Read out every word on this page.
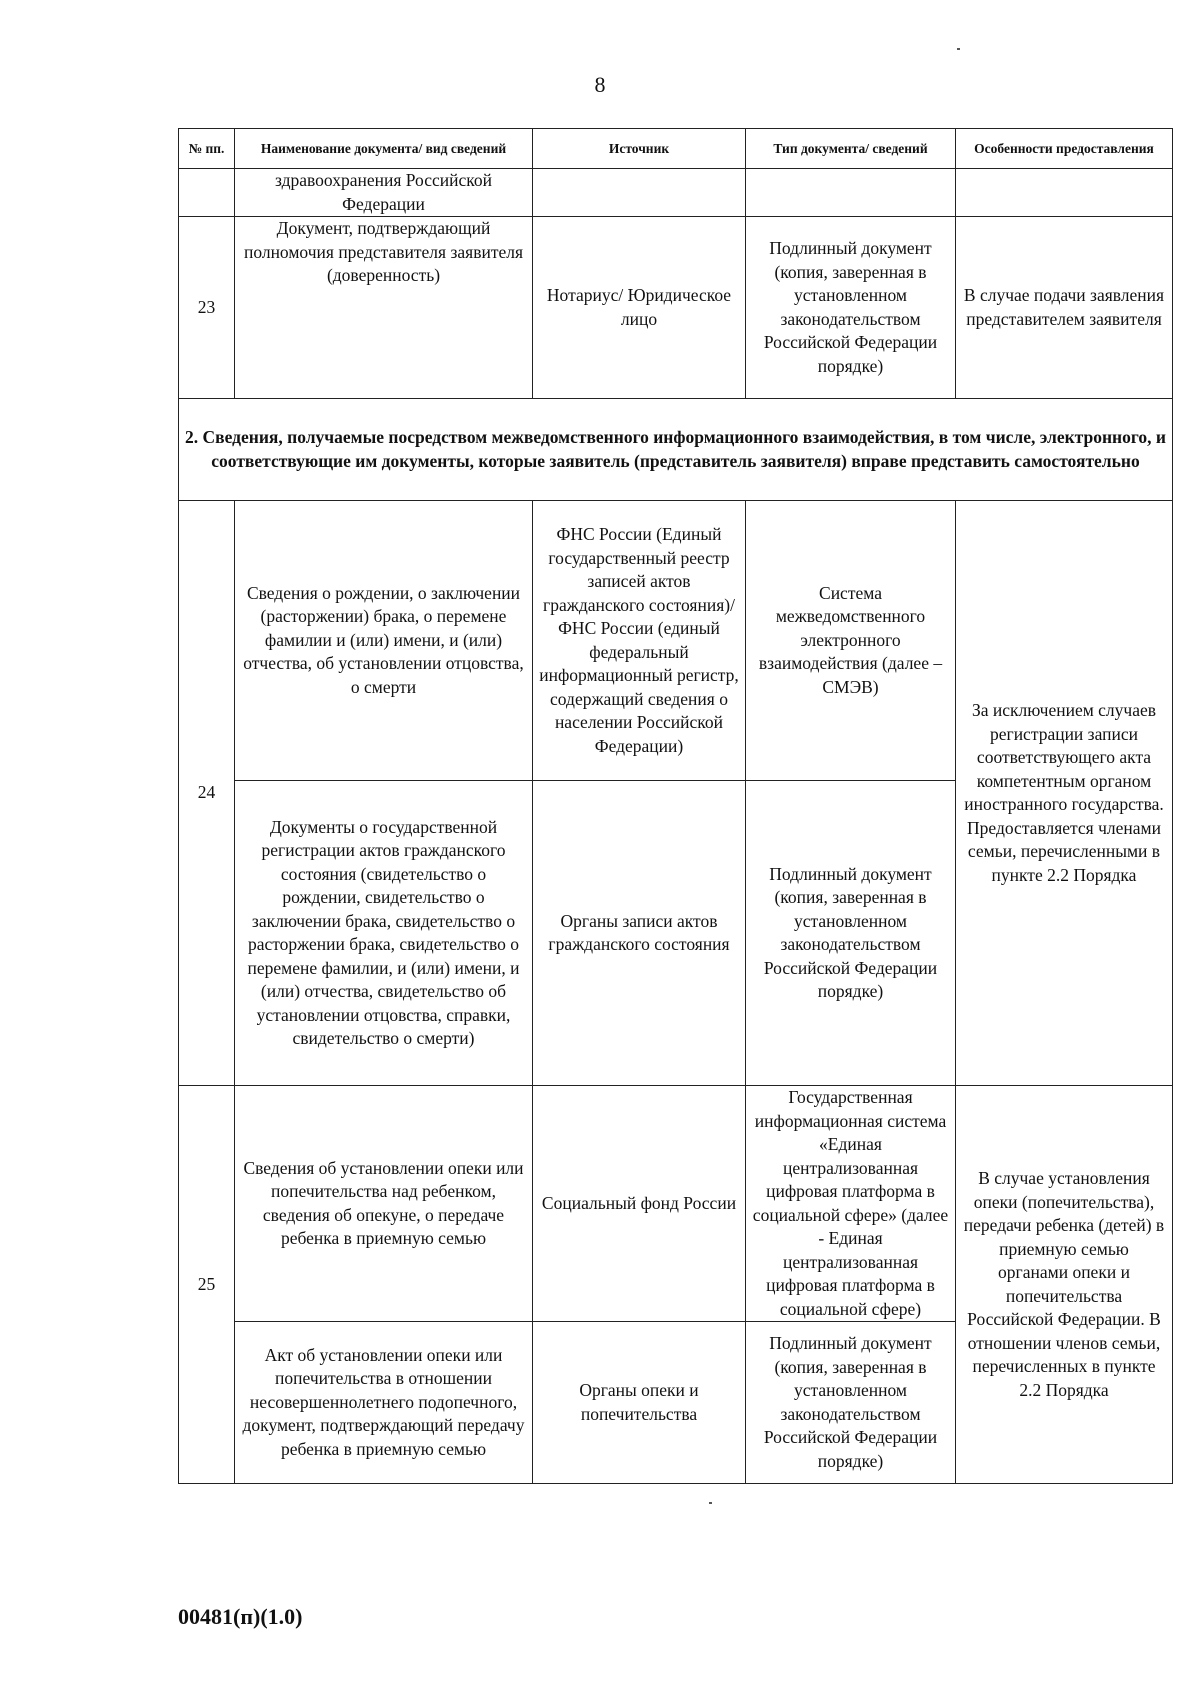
8
№ пп.	Наименование документа/ вид сведений	Источник	Тип документа/ сведений	Особенности предоставления
	здравоохранения Российской Федерации			
23	Документ, подтверждающий полномочия представителя заявителя (доверенность)	Нотариус/ Юридическое лицо	Подлинный документ (копия, заверенная в установленном законодательством Российской Федерации порядке)	В случае подачи заявления представителем заявителя
2. Сведения, получаемые посредством межведомственного информационного взаимодействия, в том числе, электронного, и соответствующие им документы, которые заявитель (представитель заявителя) вправе представить самостоятельно				
24	Сведения о рождении, о заключении (расторжении) брака, о перемене фамилии и (или) имени, и (или) отчества, об установлении отцовства, о смерти	ФНС России (Единый государственный реестр записей актов гражданского состояния)/ ФНС России (единый федеральный информационный регистр, содержащий сведения о населении Российской Федерации)	Система межведомственного электронного взаимодействия (далее – СМЭВ)	За исключением случаев регистрации записи соответствующего акта компетентным органом иностранного государства. Предоставляется членами семьи, перечисленными в пункте 2.2 Порядка
	Документы о государственной регистрации актов гражданского состояния (свидетельство о рождении, свидетельство о заключении брака, свидетельство о расторжении брака, свидетельство о перемене фамилии, и (или) имени, и (или) отчества, свидетельство об установлении отцовства, справки, свидетельство о смерти)	Органы записи актов гражданского состояния	Подлинный документ (копия, заверенная в установленном законодательством Российской Федерации порядке)	
25	Сведения об установлении опеки или попечительства над ребенком, сведения об опекуне, о передаче ребенка в приемную семью	Социальный фонд России	Государственная информационная система «Единая централизованная цифровая платформа в социальной сфере» (далее - Единая централизованная цифровая платформа в социальной сфере)	В случае установления опеки (попечительства), передачи ребенка (детей) в приемную семью органами опеки и попечительства Российской Федерации. В отношении членов семьи, перечисленных в пункте 2.2 Порядка
	Акт об установлении опеки или попечительства в отношении несовершеннолетнего подопечного, документ, подтверждающий передачу ребенка в приемную семью	Органы опеки и попечительства	Подлинный документ (копия, заверенная в установленном законодательством Российской Федерации порядке)	
00481(п)(1.0)
